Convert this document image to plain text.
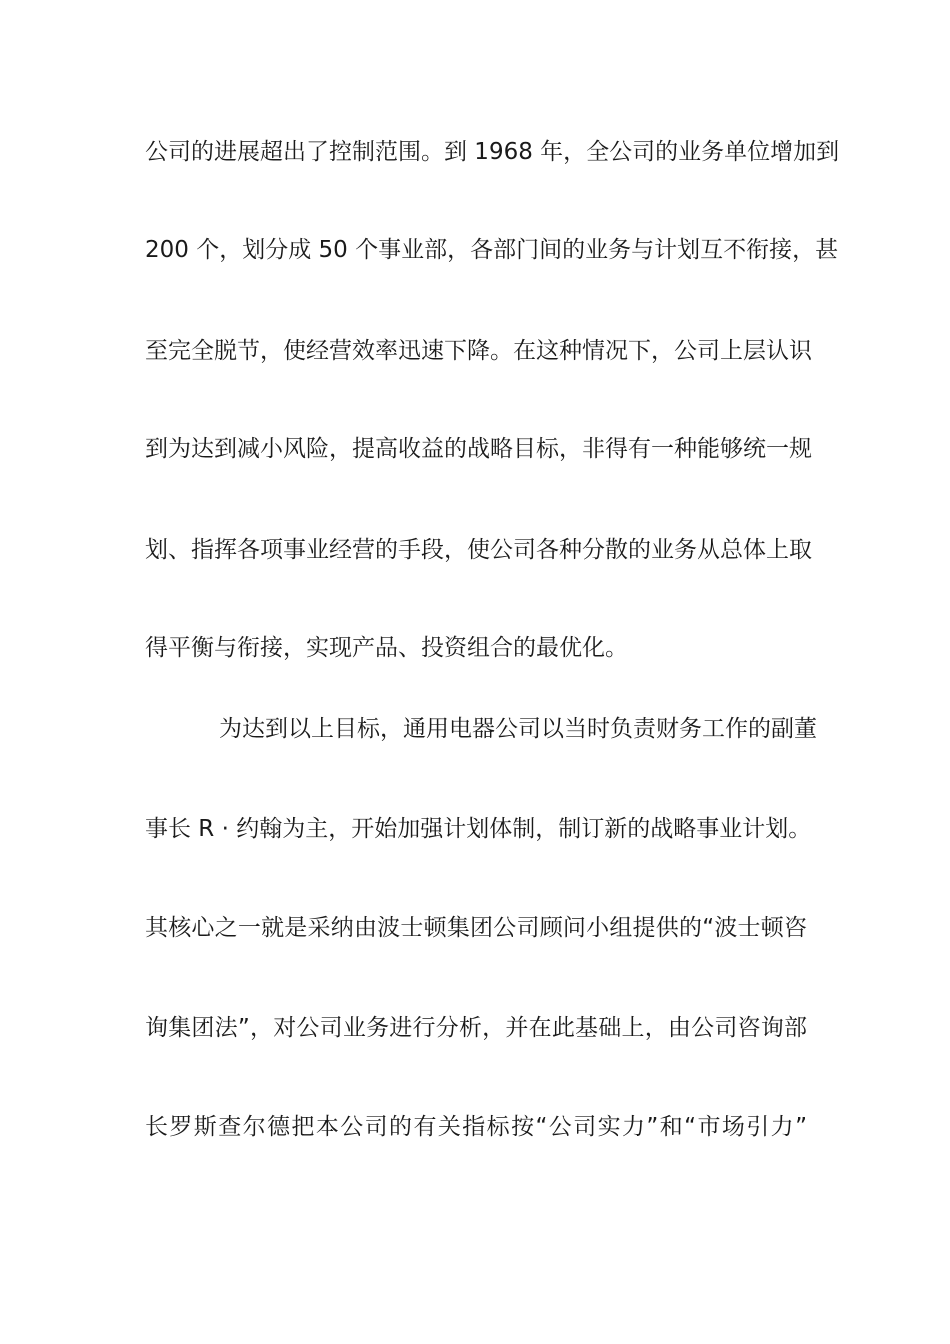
公司的进展超出了控制范围。到 1968 年，全公司的业务单位增加到
200 个，划分成 50 个事业部，各部门间的业务与计划互不衔接，甚
至完全脱节，使经营效率迅速下降。在这种情况下，公司上层认识
到为达到减小风险，提高收益的战略目标，非得有一种能够统一规
划、指挥各项事业经营的手段，使公司各种分散的业务从总体上取
得平衡与衔接，实现产品、投资组合的最优化。
为达到以上目标，通用电器公司以当时负责财务工作的副董
事长 R · 约翰为主，开始加强计划体制，制订新的战略事业计划。
其核心之一就是采纳由波士顿集团公司顾问小组提供的“波士顿咨
询集团法”，对公司业务进行分析，并在此基础上，由公司咨询部
长罗斯查尔德把本公司的有关指标按“公司实力”和“市场引力”
